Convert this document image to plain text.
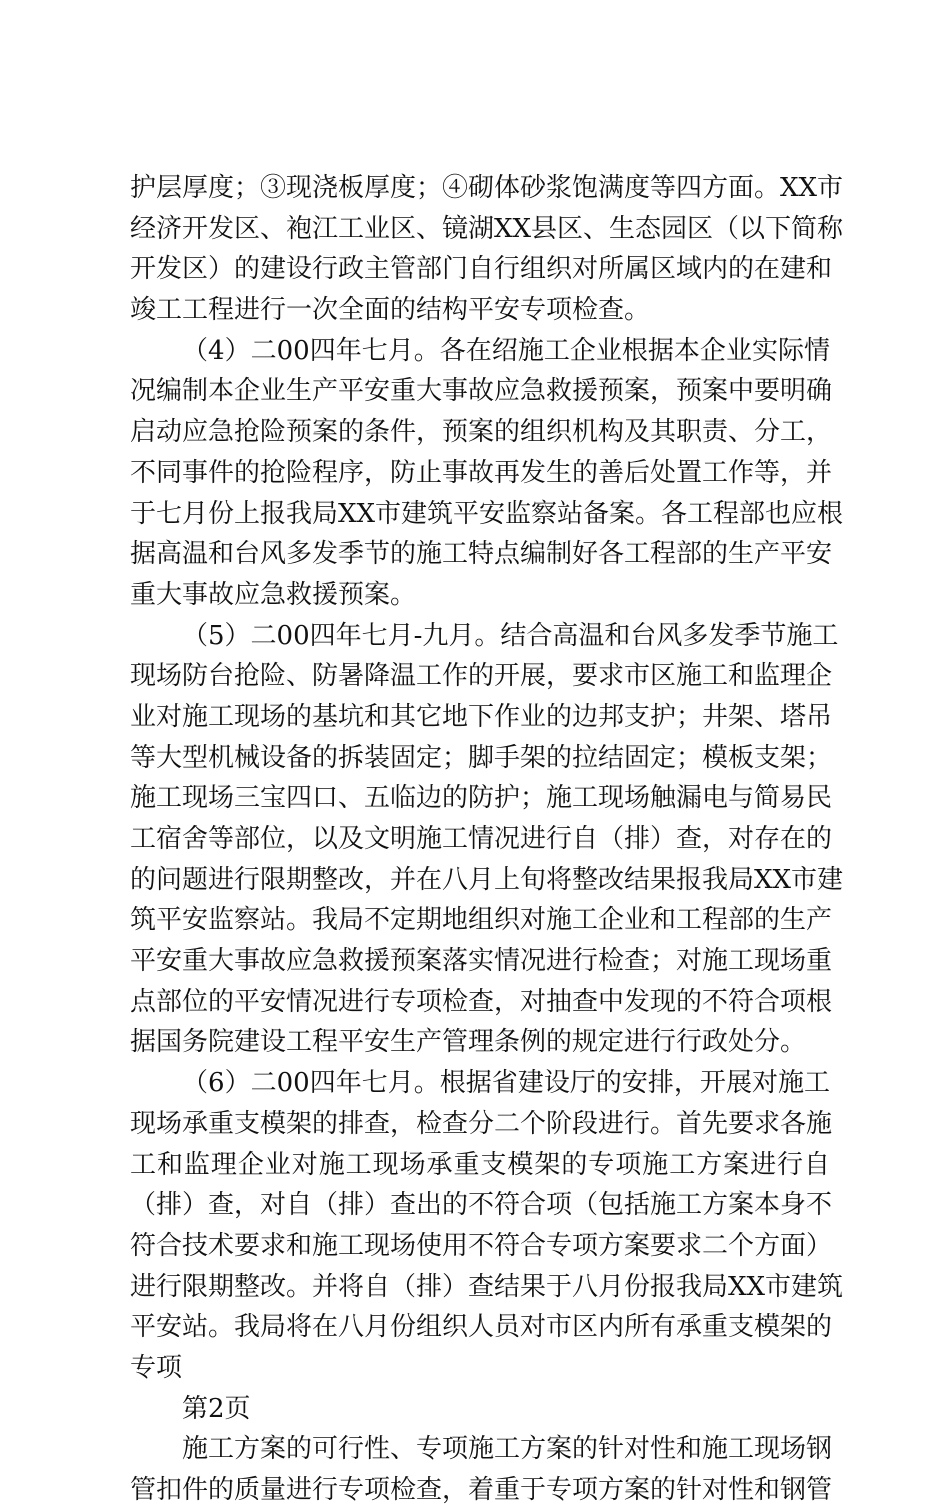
护层厚度；③现浇板厚度；④砌体砂浆饱满度等四方面。XX市
经济开发区、袍江工业区、镜湖XX县区、生态园区（以下简称
开发区）的建设行政主管部门自行组织对所属区域内的在建和
竣工工程进行一次全面的结构平安专项检查。
（4）二00四年七月。各在绍施工企业根据本企业实际情
况编制本企业生产平安重大事故应急救援预案，预案中要明确
启动应急抢险预案的条件，预案的组织机构及其职责、分工，
不同事件的抢险程序，防止事故再发生的善后处置工作等，并
于七月份上报我局XX市建筑平安监察站备案。各工程部也应根
据高温和台风多发季节的施工特点编制好各工程部的生产平安
重大事故应急救援预案。
（5）二00四年七月-九月。结合高温和台风多发季节施工
现场防台抢险、防暑降温工作的开展，要求市区施工和监理企
业对施工现场的基坑和其它地下作业的边邦支护；井架、塔吊
等大型机械设备的拆装固定；脚手架的拉结固定；模板支架；
施工现场三宝四口、五临边的防护；施工现场触漏电与简易民
工宿舍等部位，以及文明施工情况进行自（排）查，对存在的
的问题进行限期整改，并在八月上旬将整改结果报我局XX市建
筑平安监察站。我局不定期地组织对施工企业和工程部的生产
平安重大事故应急救援预案落实情况进行检查；对施工现场重
点部位的平安情况进行专项检查，对抽查中发现的不符合项根
据国务院建设工程平安生产管理条例的规定进行行政处分。
（6）二00四年七月。根据省建设厅的安排，开展对施工
现场承重支模架的排查，检查分二个阶段进行。首先要求各施
工和监理企业对施工现场承重支模架的专项施工方案进行自
（排）查，对自（排）查出的不符合项（包括施工方案本身不
符合技术要求和施工现场使用不符合专项方案要求二个方面）
进行限期整改。并将自（排）查结果于八月份报我局XX市建筑
平安站。我局将在八月份组织人员对市区内所有承重支模架的
专项
第2页
施工方案的可行性、专项施工方案的针对性和施工现场钢
管扣件的质量进行专项检查，着重于专项方案的针对性和钢管
